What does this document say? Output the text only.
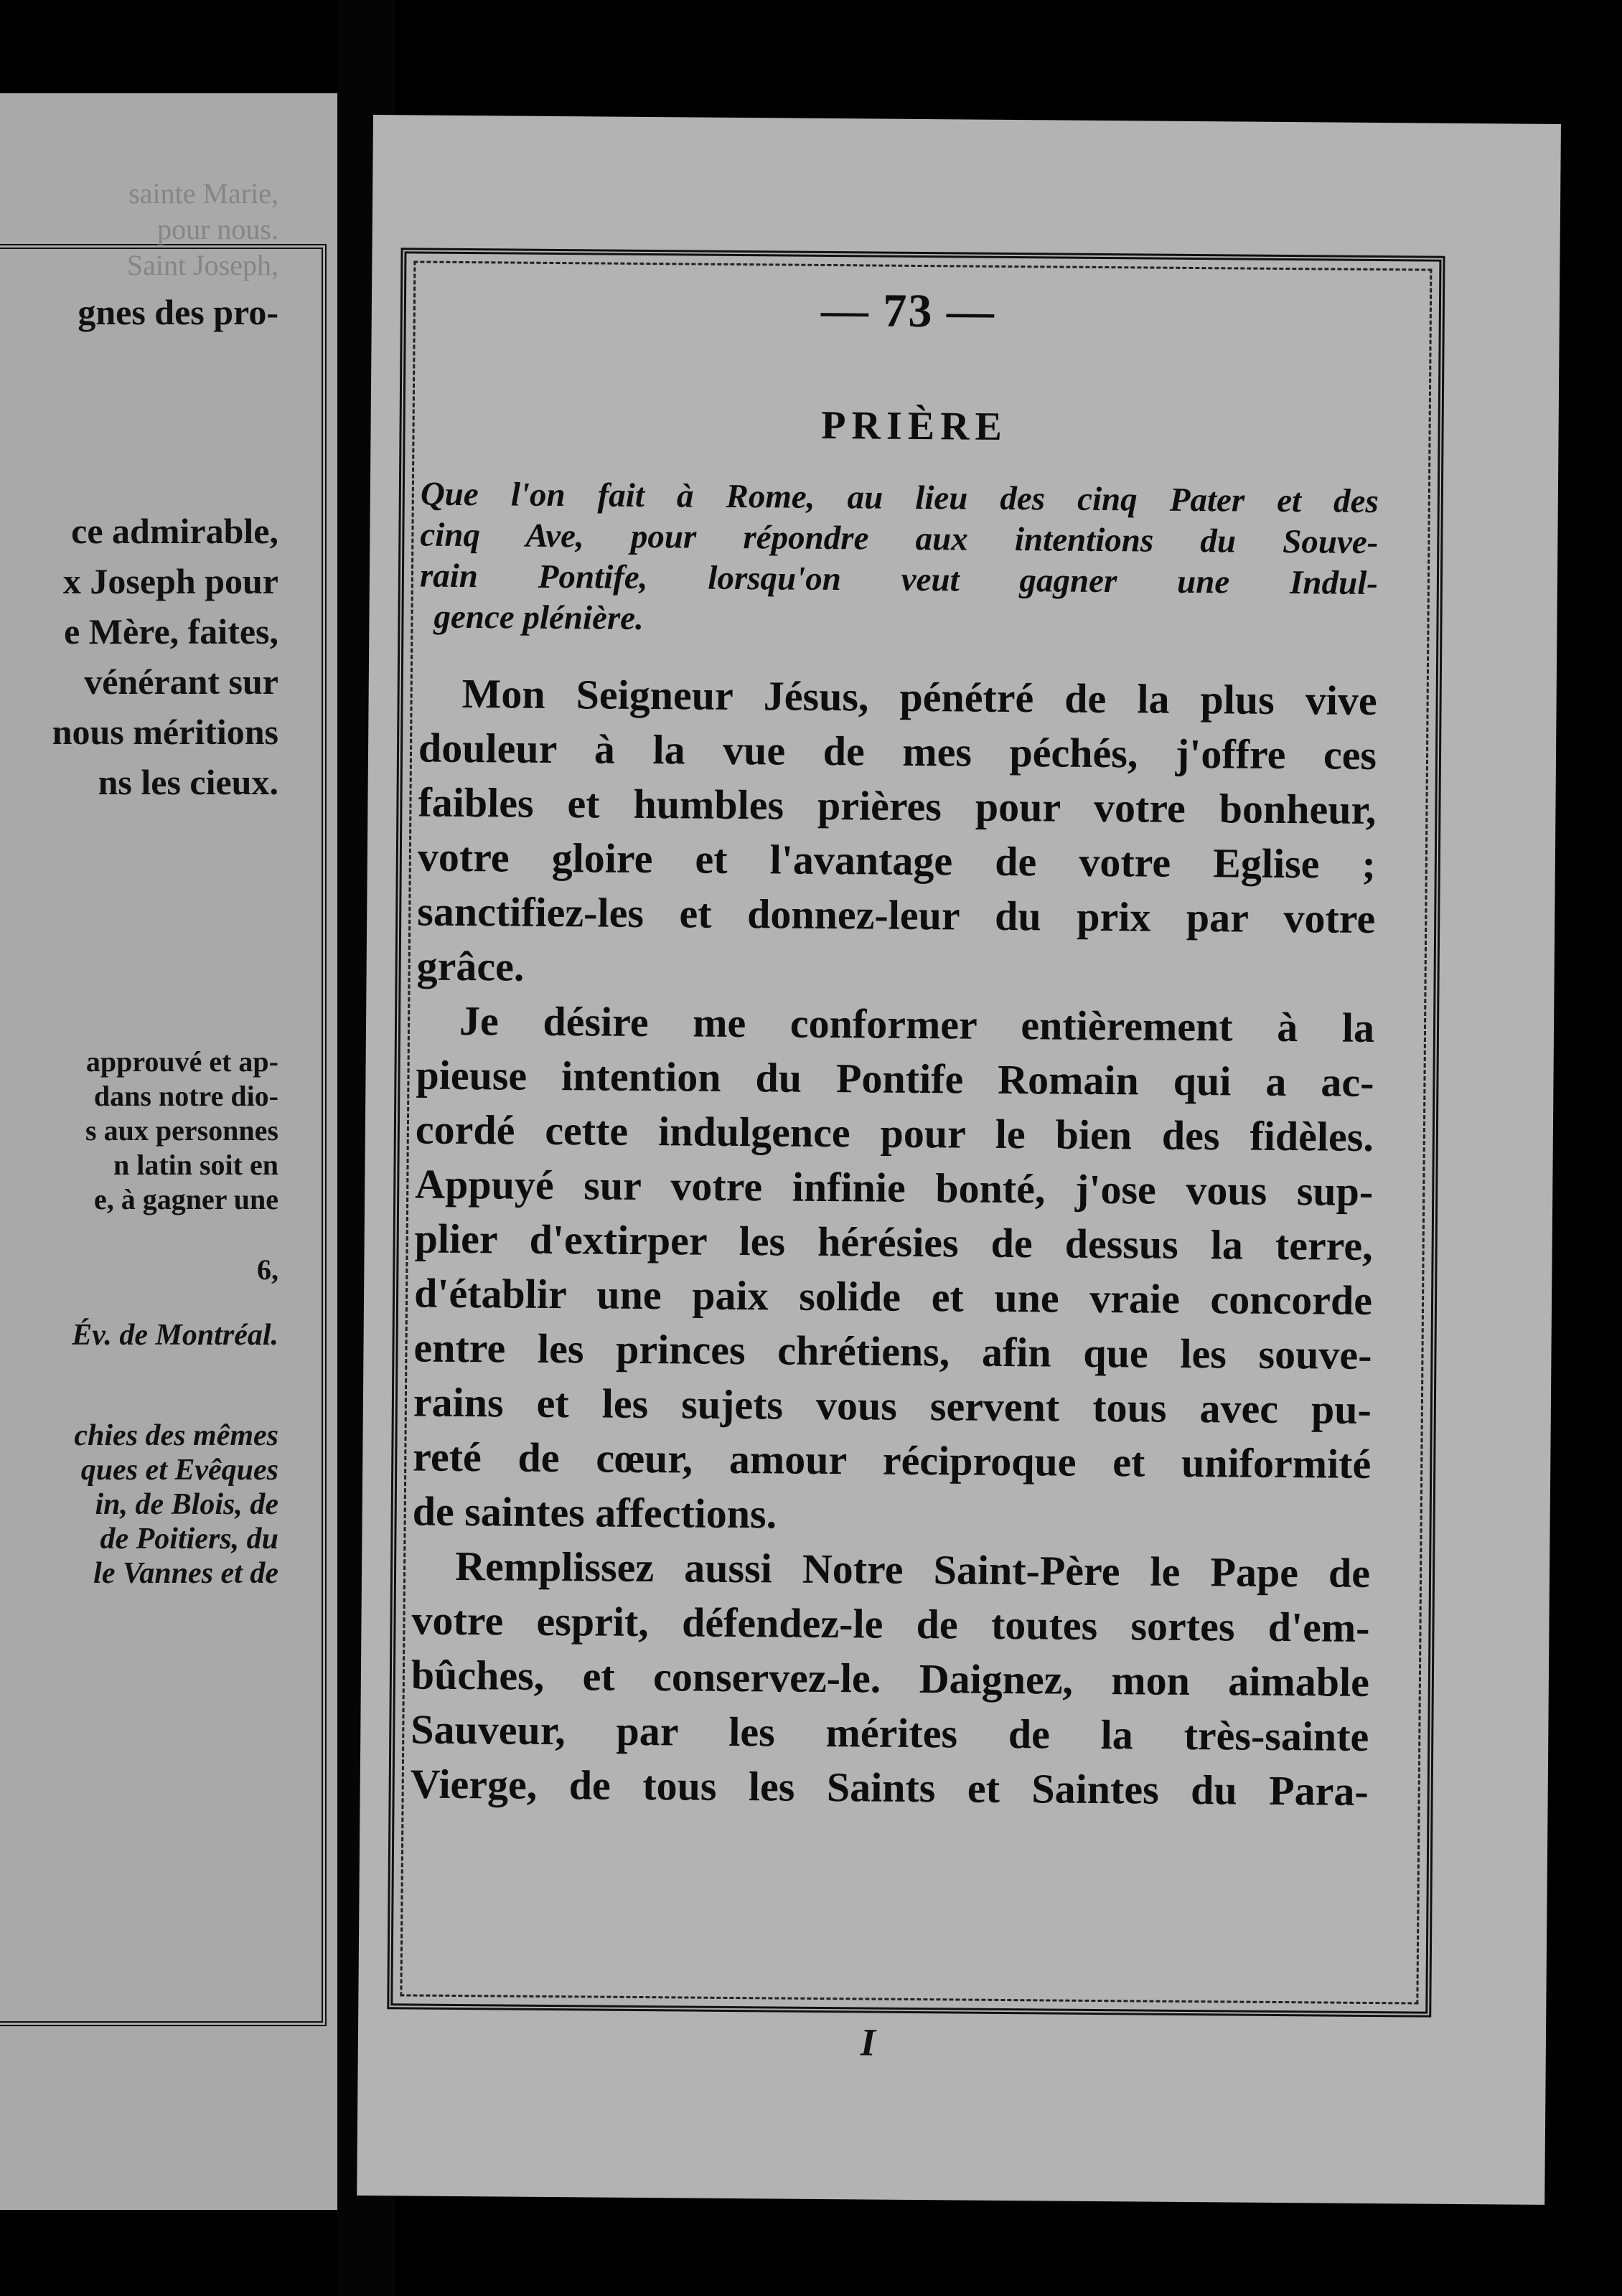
sainte Marie,
pour nous.
Saint Joseph,
gnes des pro-
ce admirable,
x Joseph pour
e Mère, faites,
vénérant sur
nous méritions
ns les cieux.
approuvé et ap-
dans notre dio-
s aux personnes
n latin soit en
e, à gagner une
6,
Év. de Montréal.
chies des mêmes
ques et Evêques
in, de Blois, de
de Poitiers, du
le Vannes et de
— 73 —
PRIÈRE
Que l'on fait à Rome, au lieu des cinq Pater et des
cinq Ave, pour répondre aux intentions du Souve-
rain Pontife, lorsqu'on veut gagner une Indul-
gence plénière.
Mon Seigneur Jésus, pénétré de la plus vive
douleur à la vue de mes péchés, j'offre ces
faibles et humbles prières pour votre bonheur,
votre gloire et l'avantage de votre Eglise ;
sanctifiez-les et donnez-leur du prix par votre
grâce.
Je désire me conformer entièrement à la
pieuse intention du Pontife Romain qui a ac-
cordé cette indulgence pour le bien des fidèles.
Appuyé sur votre infinie bonté, j'ose vous sup-
plier d'extirper les hérésies de dessus la terre,
d'établir une paix solide et une vraie concorde
entre les princes chrétiens, afin que les souve-
rains et les sujets vous servent tous avec pu-
reté de cœur, amour réciproque et uniformité
de saintes affections.
Remplissez aussi Notre Saint-Père le Pape de
votre esprit, défendez-le de toutes sortes d'em-
bûches, et conservez-le. Daignez, mon aimable
Sauveur, par les mérites de la très-sainte
Vierge, de tous les Saints et Saintes du Para-
I
